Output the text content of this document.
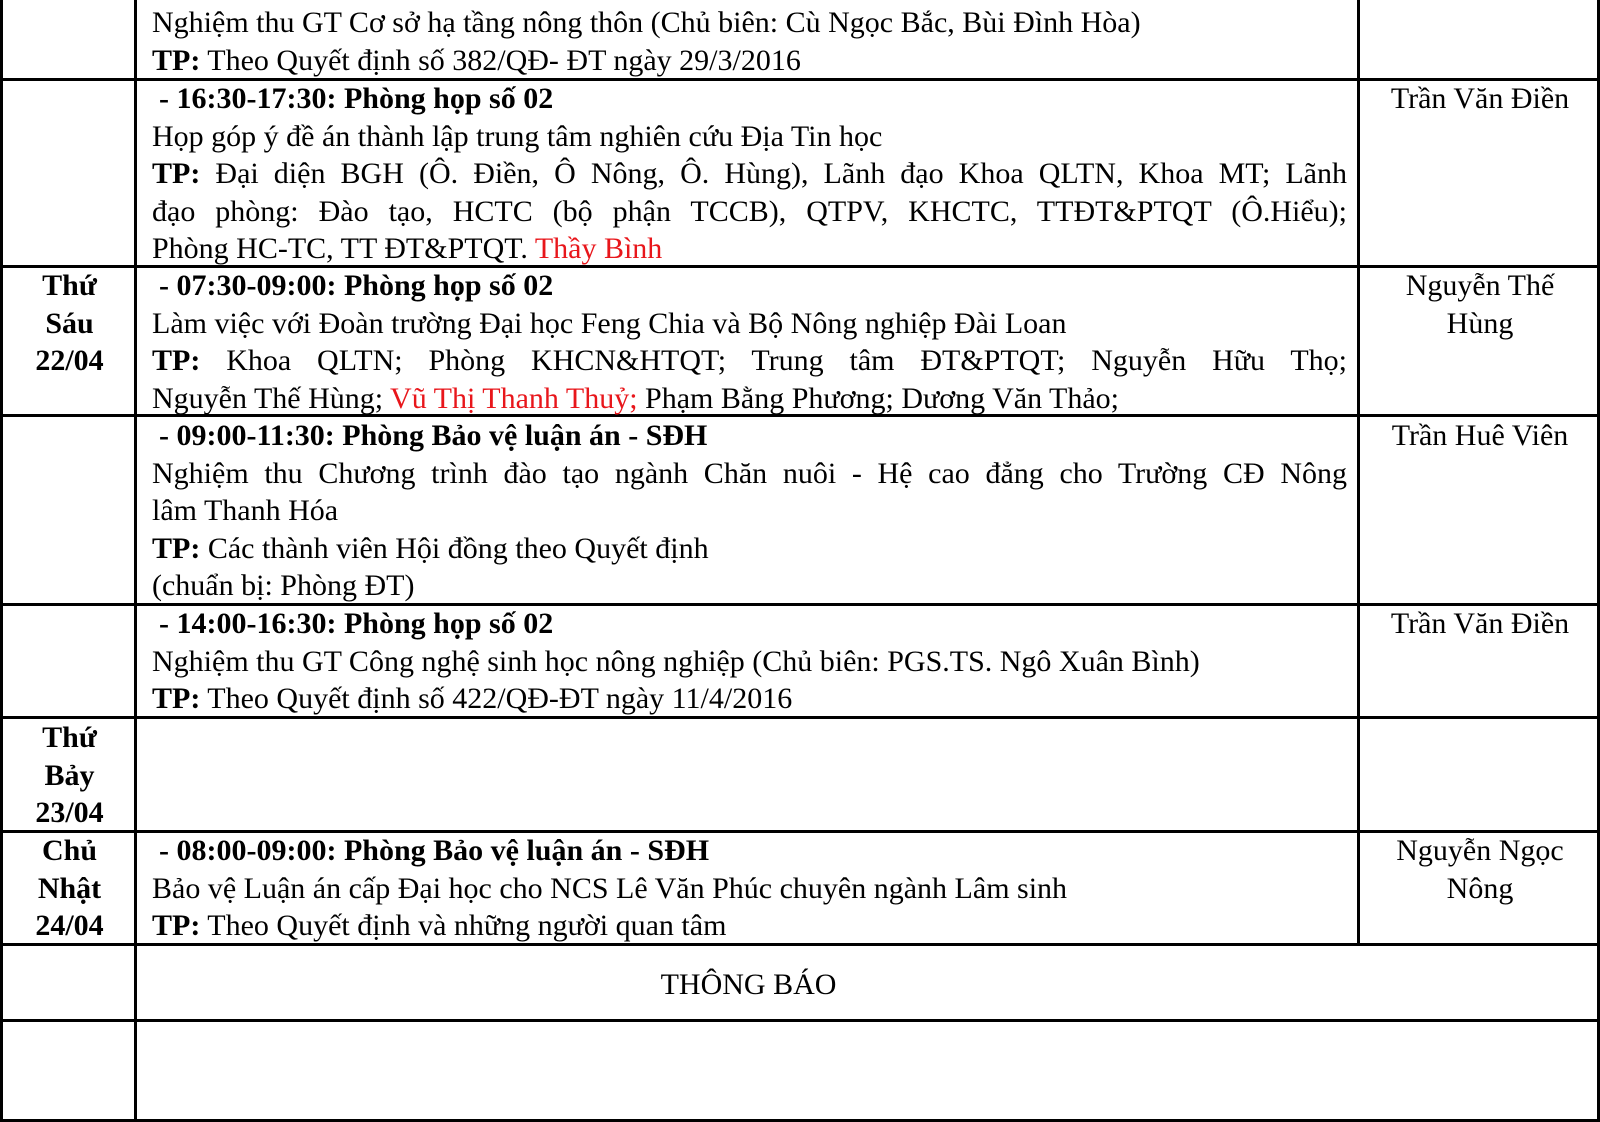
Nghiệm thu GT Cơ sở hạ tầng nông thôn (Chủ biên: Cù Ngọc Bắc, Bùi Đình Hòa)
TP: Theo Quyết định số 382/QĐ- ĐT ngày 29/3/2016
- 16:30-17:30: Phòng họp số 02
Họp góp ý đề án thành lập trung tâm nghiên cứu Địa Tin học
TP: Đại diện BGH (Ô. Điền, Ô Nông, Ô. Hùng), Lãnh đạo Khoa QLTN, Khoa MT; Lãnh
đạo phòng: Đào tạo, HCTC (bộ phận TCCB), QTPV, KHCTC, TTĐT&PTQT (Ô.Hiểu);
Phòng HC-TC, TT ĐT&PTQT. Thầy Bình
Trần Văn Điền
Thứ
Sáu
22/04
- 07:30-09:00: Phòng họp số 02
Làm việc với Đoàn trường Đại học Feng Chia và Bộ Nông nghiệp Đài Loan
TP: Khoa QLTN; Phòng KHCN&HTQT; Trung tâm ĐT&PTQT; Nguyễn Hữu Thọ;
Nguyễn Thế Hùng; Vũ Thị Thanh Thuỷ; Phạm Bằng Phương; Dương Văn Thảo;
Nguyễn Thế
Hùng
- 09:00-11:30: Phòng Bảo vệ luận án - SĐH
Nghiệm thu Chương trình đào tạo ngành Chăn nuôi - Hệ cao đẳng cho Trường CĐ Nông
lâm Thanh Hóa
TP: Các thành viên Hội đồng theo Quyết định
(chuẩn bị: Phòng ĐT)
Trần Huê Viên
- 14:00-16:30: Phòng họp số 02
Nghiệm thu GT Công nghệ sinh học nông nghiệp (Chủ biên: PGS.TS. Ngô Xuân Bình)
TP: Theo Quyết định số 422/QĐ-ĐT ngày 11/4/2016
Trần Văn Điền
Thứ
Bảy
23/04
Chủ
Nhật
24/04
- 08:00-09:00: Phòng Bảo vệ luận án - SĐH
Bảo vệ Luận án cấp Đại học cho NCS Lê Văn Phúc chuyên ngành Lâm sinh
TP: Theo Quyết định và những người quan tâm
Nguyễn Ngọc
Nông
THÔNG BÁO
